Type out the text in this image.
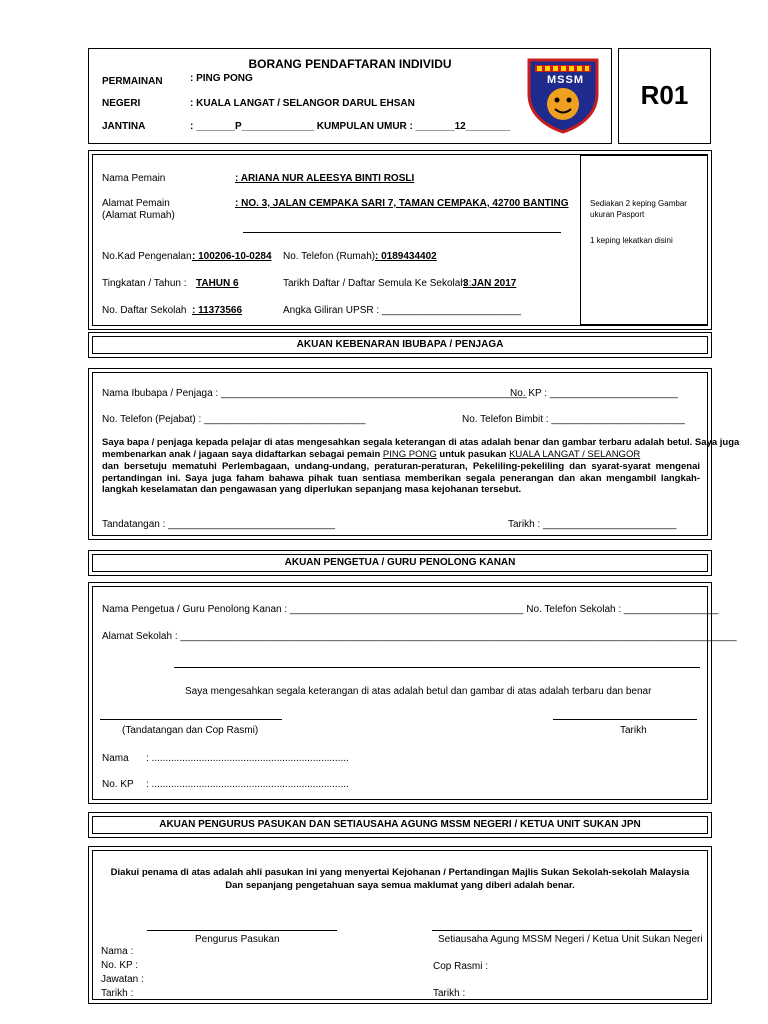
BORANG PENDAFTARAN INDIVIDU
PERMAINAN	: PING PONG
NEGERI	: KUALA LANGAT / SELANGOR DARUL EHSAN
JANTINA	: _______P_____________ KUMPULAN UMUR : _______12________
MSSM	R01
Sediakan 2 keping Gambar
ukuran Pasport
1 keping lekatkan disini
Nama Pemain	: ARIANA NUR ALEESYA BINTI ROSLI
Alamat Pemain
(Alamat Rumah)
: NO. 3, JALAN CEMPAKA SARI 7, TAMAN CEMPAKA, 42700 BANTING
No.Kad Pengenalan : 100206-10-0284 No. Telefon (Rumah) : 0189434402
Tingkatan / Tahun : TAHUN 6	Tarikh Daftar / Daftar Semula Ke Sekolah :
3 JAN 2017
No. Daftar Sekolah : 11373566	Angka Giliran UPSR : _________________________
AKUAN KEBENARAN IBUBAPA / PENJAGA
Nama Ibubapa / Penjaga : _______________________________________________________
No. KP : _______________________
No. Telefon (Pejabat) : _____________________________	No. Telefon Bimbit : ________________________
Saya bapa / penjaga kepada pelajar di atas mengesahkan segala keterangan di atas adalah benar dan gambar terbaru adalah betul. Saya juga
membenarkan anak / jagaan saya didaftarkan sebagai pemain PING PONG untuk pasukan KUALA LANGAT / SELANGOR
dan bersetuju mematuhi Perlembagaan, undang-undang, peraturan-peraturan, Pekeliling-pekeliling dan syarat-syarat mengenai pertandingan ini. Saya juga faham bahawa pihak tuan sentiasa memberikan segala penerangan dan akan mengambil langkah-langkah keselamatan dan pengawasan yang diperlukan sepanjang masa kejohanan tersebut.
Tandatangan : ______________________________	Tarikh : ________________________
AKUAN PENGETUA / GURU PENOLONG KANAN
Nama Pengetua / Guru Penolong Kanan : __________________________________________ No. Telefon Sekolah : _________________
Alamat Sekolah : ____________________________________________________________________________________________________
Saya mengesahkan segala keterangan di atas adalah betul dan gambar di atas adalah terbaru dan benar
(Tandatangan dan Cop Rasmi)	Tarikh
Nama : .......................................................................
No. KP : .......................................................................
AKUAN PENGURUS PASUKAN DAN SETIAUSAHA AGUNG MSSM NEGERI / KETUA UNIT SUKAN JPN
Diakui penama di atas adalah ahli pasukan ini yang menyertai Kejohanan / Pertandingan Majlis Sukan Sekolah-sekolah Malaysia
Dan sepanjang pengetahuan saya semua maklumat yang diberi adalah benar.
Pengurus Pasukan	Setiausaha Agung MSSM Negeri / Ketua Unit Sukan Negeri
Nama :
No. KP :
Jawatan :
Tarikh :
Cop Rasmi :
Tarikh :
